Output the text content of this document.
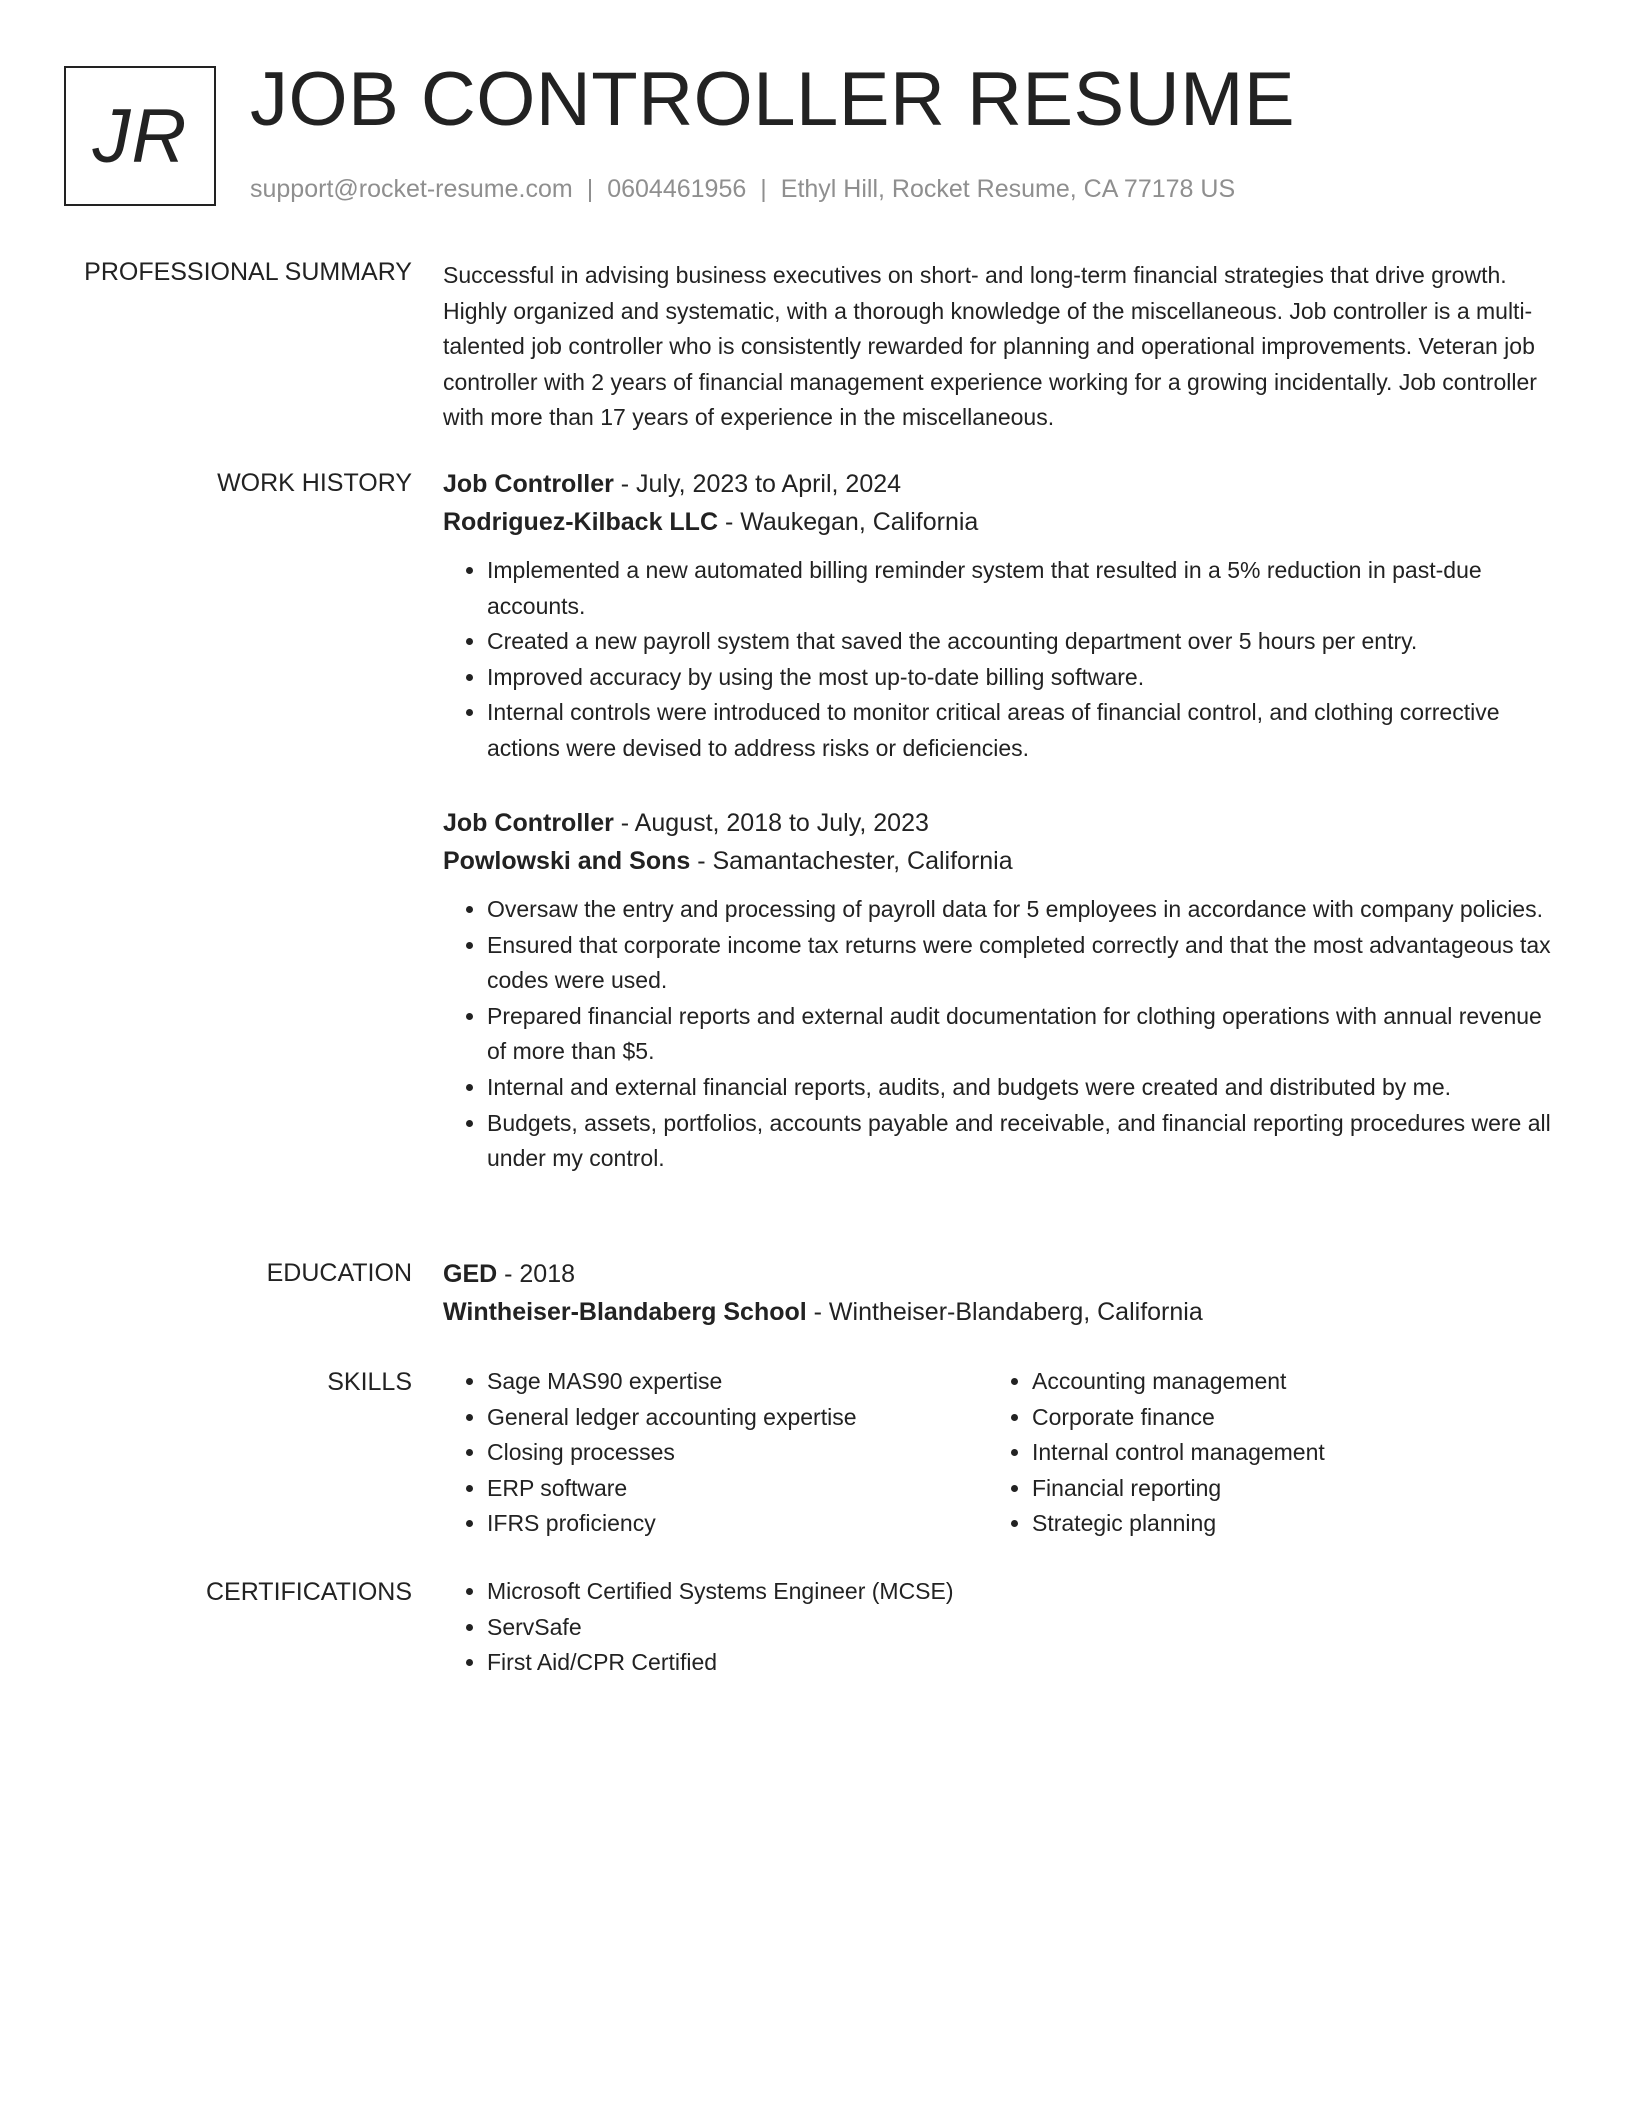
JR JOB CONTROLLER RESUME
support@rocket-resume.com | 0604461956 | Ethyl Hill, Rocket Resume, CA 77178 US
PROFESSIONAL SUMMARY Successful in advising business executives on short- and long-term financial strategies that drive growth. Highly organized and systematic, with a thorough knowledge of the miscellaneous. Job controller is a multi-talented job controller who is consistently rewarded for planning and operational improvements. Veteran job controller with 2 years of financial management experience working for a growing incidentally. Job controller with more than 17 years of experience in the miscellaneous.
WORK HISTORY Job Controller - July, 2023 to April, 2024
Rodriguez-Kilback LLC - Waukegan, California
• Implemented a new automated billing reminder system that resulted in a 5% reduction in past-due accounts.
• Created a new payroll system that saved the accounting department over 5 hours per entry.
• Improved accuracy by using the most up-to-date billing software.
• Internal controls were introduced to monitor critical areas of financial control, and clothing corrective actions were devised to address risks or deficiencies.
Job Controller - August, 2018 to July, 2023
Powlowski and Sons - Samantachester, California
• Oversaw the entry and processing of payroll data for 5 employees in accordance with company policies.
• Ensured that corporate income tax returns were completed correctly and that the most advantageous tax codes were used.
• Prepared financial reports and external audit documentation for clothing operations with annual revenue of more than $5.
• Internal and external financial reports, audits, and budgets were created and distributed by me.
• Budgets, assets, portfolios, accounts payable and receivable, and financial reporting procedures were all under my control.
EDUCATION GED - 2018
Wintheiser-Blandaberg School - Wintheiser-Blandaberg, California
SKILLS	• Sage MAS90 expertise
• General ledger accounting expertise
• Closing processes
• ERP software
• IFRS proficiency
• Accounting management
• Corporate finance
• Internal control management
• Financial reporting
• Strategic planning
CERTIFICATIONS	• Microsoft Certified Systems Engineer (MCSE)
• ServSafe
• First Aid/CPR Certified
